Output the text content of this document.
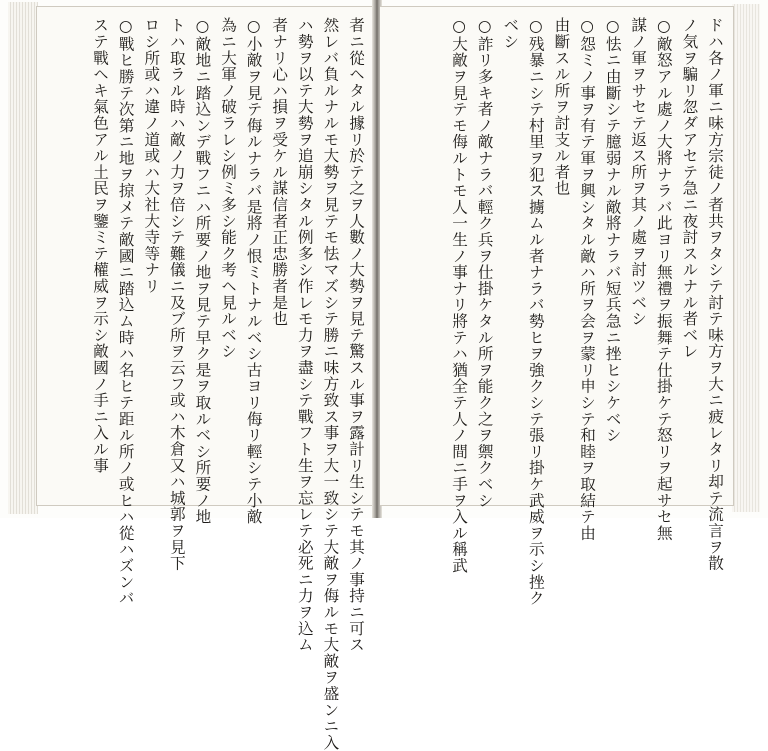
者ニ從ヘタル據リ於テ之ヲ人數ノ大勢ヲ見テ驚スル事ヲ露計リ生シテモ其ノ事持ニ可ス
然レバ負ルナルモ大勢ヲ見テモ怯マズシテ勝ニ味方致ス事ヲ大一致シテ大敵ヲ侮ルモ大敵ヲ盛ンニ入
ハ勢ヲ以テ大勢ヲ追崩シタル例多シ作レモ力ヲ盡シテ戰フト生ヲ忘レテ必死ニ力ヲ込ム
者ナリ心ハ損ヲ受ケル謀信者正忠勝者是也
○小敵ヲ見テ侮ルナラバ是將ノ恨ミトナルベシ古ヨリ侮リ輕シテ小敵
為ニ大軍ノ破ラレシ例ミ多シ能ク考ヘ見ルベシ
○敵地ニ踏込ンデ戰フニハ所要ノ地ヲ見テ早ク是ヲ取ルベシ所要ノ地
トハ取ラル時ハ敵ノ力ヲ倍シテ難儀ニ及ブ所ヲ云フ或ハ木倉又ハ城郭ヲ見下
ロシ所或ハ違ノ道或ハ大社大寺等ナリ
○戰ヒ勝テ次第ニ地ヲ掠メテ敵國ニ踏込ム時ハ名ヒテ距ル所ノ或ヒハ從ハズンバ
ステ戰ヘキ氣色アル土民ヲ鑒ミテ權威ヲ示シ敵國ノ手ニ入ル事	ドハ各ノ軍ニ味方宗徒ノ者共ヲタシテ討テ味方ヲ大ニ疲レタリ却テ流言ヲ散
ノ気ヲ騙リ忽ダアセテ急ニ夜討スルナル者ベレ
○敵怒アル處ノ大將ナラバ此ヨリ無禮ヲ振舞テ仕掛ケテ怒リヲ起サセ無
謀ノ軍ヲサセテ返ス所ヲ其ノ處ヲ討ツベシ
○怯ニ由斷シテ臆弱ナル敵將ナラバ短兵急ニ挫ヒシケベシ
○怨ミノ事ヲ有テ軍ヲ興シタル敵ハ所ヲ会ヲ蒙リ申シテ和睦ヲ取結テ由
由斷スル所ヲ討支ル者也
○残暴ニシテ村里ヲ犯ス擄ムル者ナラバ勢ヒヲ強クシテ張リ掛ケ武威ヲ示シ挫ク
ベシ
○詐リ多キ者ノ敵ナラバ輕ク兵ヲ仕掛ケタル所ヲ能ク之ヲ禦クベシ
○大敵ヲ見テモ侮ルトモ人一生ノ事ナリ將テハ猶全テ人ノ間ニ手ヲ入ル稱武
